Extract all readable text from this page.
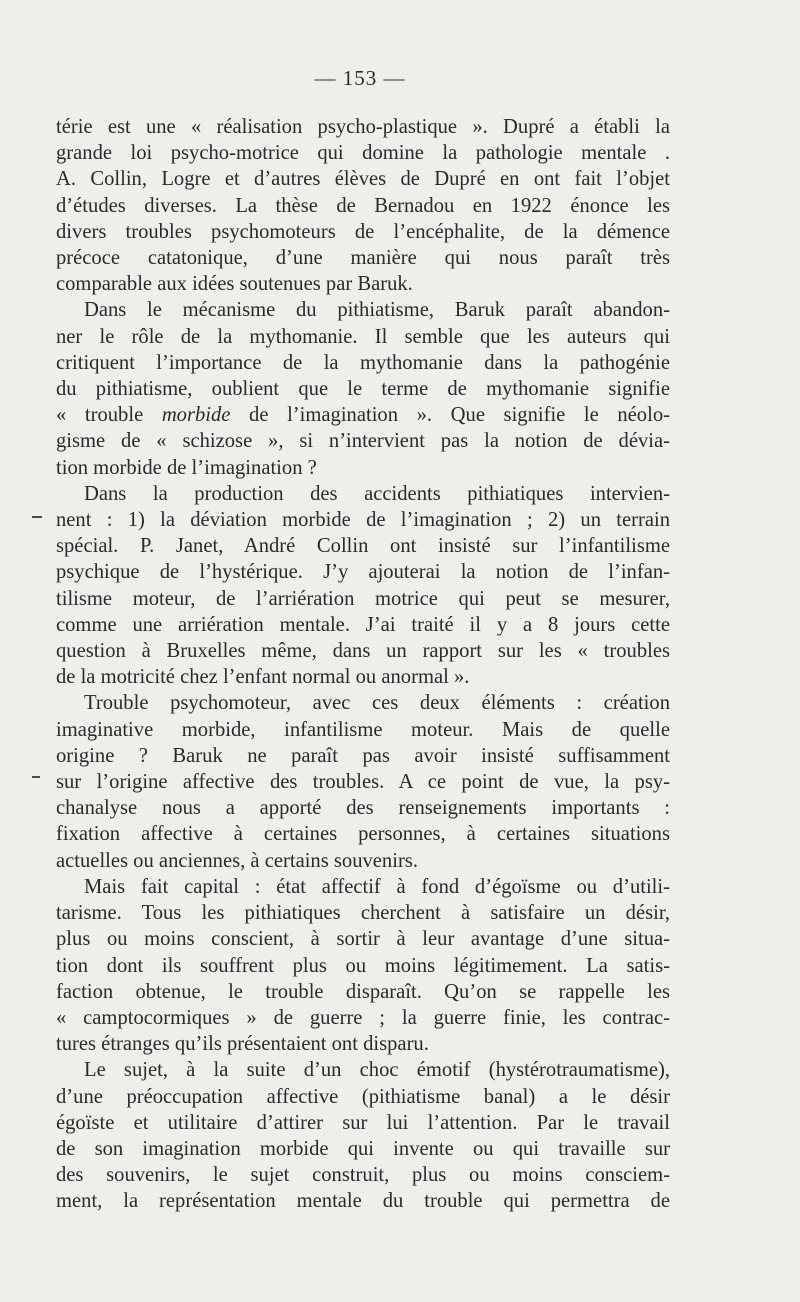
— 153 —

térie est une « réalisation psycho-plastique ». Dupré a établi la
grande loi psycho-motrice qui domine la pathologie mentale .
A. Collin, Logre et d’autres élèves de Dupré en ont fait l’objet
d’études diverses. La thèse de Bernadou en 1922 énonce les
divers troubles psychomoteurs de l’encéphalite, de la démence
précoce catatonique, d’une manière qui nous paraît très
comparable aux idées soutenues par Baruk.

Dans le mécanisme du pithiatisme, Baruk paraît abandon-
ner le rôle de la mythomanie. Il semble que les auteurs qui
critiquent l’importance de la mythomanie dans la pathogénie
du pithiatisme, oublient que le terme de mythomanie signifie
« trouble morbide de l’imagination ». Que signifie le néolo-
gisme de « schizose », si n’intervient pas la notion de dévia-
tion morbide de l’imagination ?

Dans la production des accidents pithiatiques intervien-
nent : 1) la déviation morbide de l’imagination ; 2) un terrain
spécial. P. Janet, André Collin ont insisté sur l’infantilisme
psychique de l’hystérique. J’y ajouterai la notion de l’infan-
tilisme moteur, de l’arriération motrice qui peut se mesurer,
comme une arriération mentale. J’ai traité il y a 8 jours cette
question à Bruxelles même, dans un rapport sur les « troubles
de la motricité chez l’enfant normal ou anormal ».

Trouble psychomoteur, avec ces deux éléments : création
imaginative morbide, infantilisme moteur. Mais de quelle
origine ? Baruk ne paraît pas avoir insisté suffisamment
sur l’origine affective des troubles. A ce point de vue, la psy-
chanalyse nous a apporté des renseignements importants :
fixation affective à certaines personnes, à certaines situations
actuelles ou anciennes, à certains souvenirs.

Mais fait capital : état affectif à fond d’égoïsme ou d’utili-
tarisme. Tous les pithiatiques cherchent à satisfaire un désir,
plus ou moins conscient, à sortir à leur avantage d’une situa-
tion dont ils souffrent plus ou moins légitimement. La satis-
faction obtenue, le trouble disparaît. Qu’on se rappelle les
« camptocormiques » de guerre ; la guerre finie, les contrac-
tures étranges qu’ils présentaient ont disparu.

Le sujet, à la suite d’un choc émotif (hystérotraumatisme),
d’une préoccupation affective (pithiatisme banal) a le désir
égoïste et utilitaire d’attirer sur lui l’attention. Par le travail
de son imagination morbide qui invente ou qui travaille sur
des souvenirs, le sujet construit, plus ou moins consciem-
ment, la représentation mentale du trouble qui permettra de
